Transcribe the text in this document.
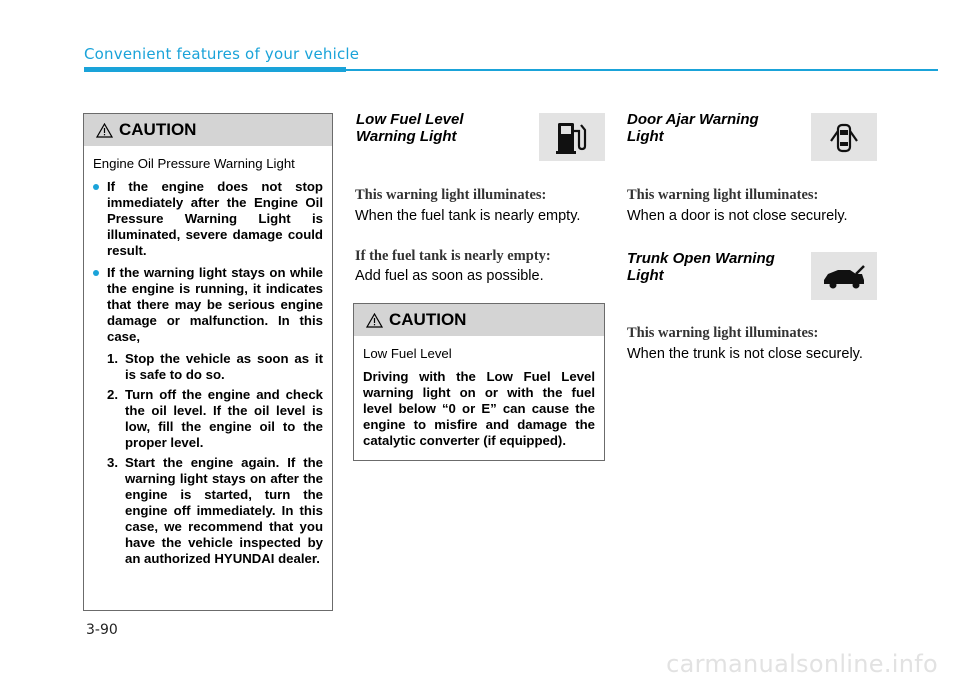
Convenient features of your vehicle
CAUTION
Engine Oil Pressure Warning Light
If the engine does not stop immediately after the Engine Oil Pressure Warning Light is illuminated, severe damage could result.
If the warning light stays on while the engine is running, it indicates that there may be serious engine damage or malfunction. In this case,
1. Stop the vehicle as soon as it is safe to do so.
2. Turn off the engine and check the oil level. If the oil level is low, fill the engine oil to the proper level.
3. Start the engine again. If the warning light stays on after the engine is started, turn the engine off immediately. In this case, we recommend that you have the vehicle inspected by an authorized HYUNDAI dealer.
Low Fuel Level
Warning Light
This warning light illuminates:
When the fuel tank is nearly empty.
If the fuel tank is nearly empty:
Add fuel as soon as possible.
CAUTION
Low Fuel Level
Driving with the Low Fuel Level warning light on or with the fuel level below “0 or E” can cause the engine to misfire and damage the catalytic converter (if equipped).
Door Ajar Warning
Light
This warning light illuminates:
When a door is not close securely.
Trunk Open Warning
Light
This warning light illuminates:
When the trunk is not close securely.
3-90
carmanualsonline.info
